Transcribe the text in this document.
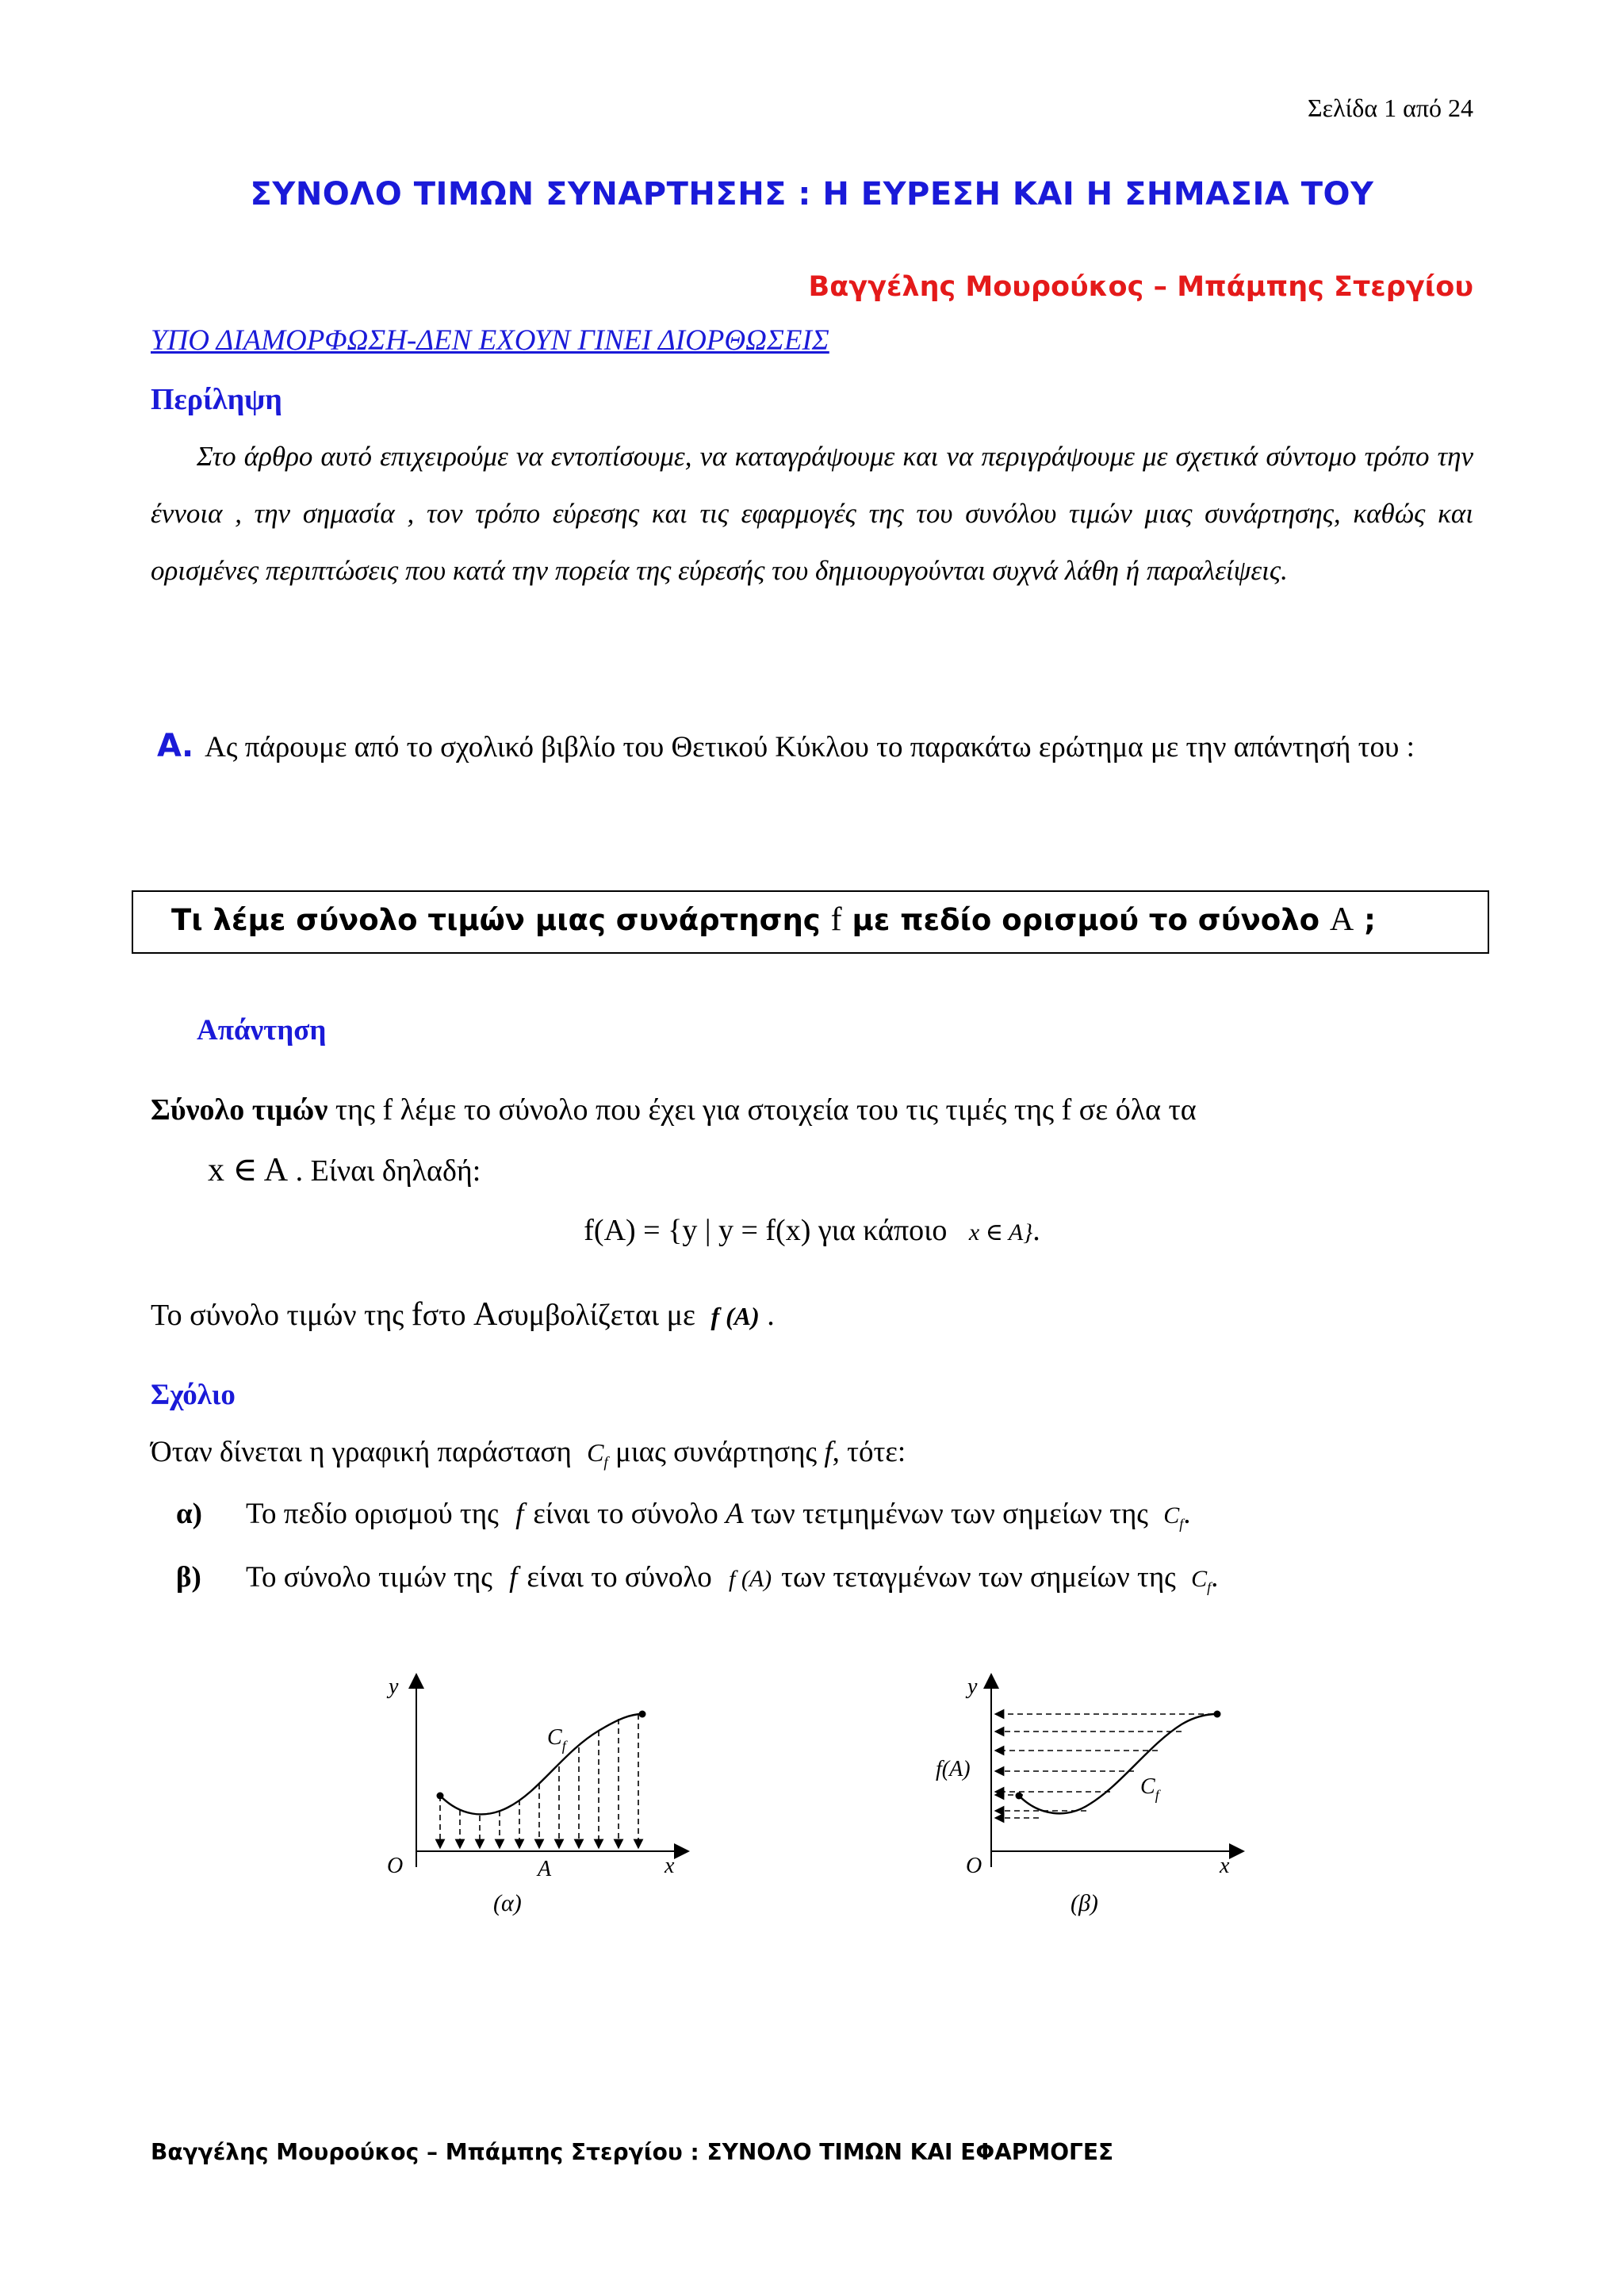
Σελίδα 1 από 24
ΣΥΝΟΛΟ ΤΙΜΩΝ ΣΥΝΑΡΤΗΣΗΣ : Η ΕΥΡΕΣΗ ΚΑΙ Η ΣΗΜΑΣΙΑ ΤΟΥ
Βαγγέλης Μουρούκος – Μπάμπης Στεργίου
ΥΠΟ ΔΙΑΜΟΡΦΩΣΗ-ΔΕΝ ΕΧΟΥΝ ΓΙΝΕΙ ΔΙΟΡΘΩΣΕΙΣ
Περίληψη
Στο άρθρο αυτό επιχειρούμε να εντοπίσουμε, να καταγράψουμε και να περιγράψουμε με σχετικά σύντομο τρόπο την έννοια , την σημασία , τον τρόπο εύρεσης και τις εφαρμογές της του συνόλου τιμών μιας συνάρτησης, καθώς και ορισμένες περιπτώσεις που κατά την πορεία της εύρεσής του δημιουργούνται συχνά λάθη ή παραλείψεις.
Α. Ας πάρουμε από το σχολικό βιβλίο του Θετικού Κύκλου το παρακάτω ερώτημα με την απάντησή του :
Τι λέμε σύνολο τιμών μιας συνάρτησης f με πεδίο ορισμού το σύνολο A ;
Απάντηση
Σύνολο τιμών της f λέμε το σύνολο που έχει για στοιχεία του τις τιμές της f σε όλα τα
x ∈ A . Είναι δηλαδή:
f(A) = {y | y = f(x) για κάποιο x ∈ A}.
Το σύνολο τιμών της fστο Aσυμβολίζεται με f (A) .
Σχόλιο
Όταν δίνεται η γραφική παράσταση $C_f$ μιας συνάρτησης f, τότε:
α) Το πεδίο ορισμού της f είναι το σύνολο A των τετμημένων των σημείων της $C_f$.
β) Το σύνολο τιμών της f είναι το σύνολο f (A) των τεταγμένων των σημείων της $C_f$.
y
O	x
A
$C_f$
(α)
y
O	x
f(A)
$C_f$
(β)
Βαγγέλης Μουρούκος – Μπάμπης Στεργίου : ΣΥΝΟΛΟ ΤΙΜΩΝ ΚΑΙ ΕΦΑΡΜΟΓΕΣ
